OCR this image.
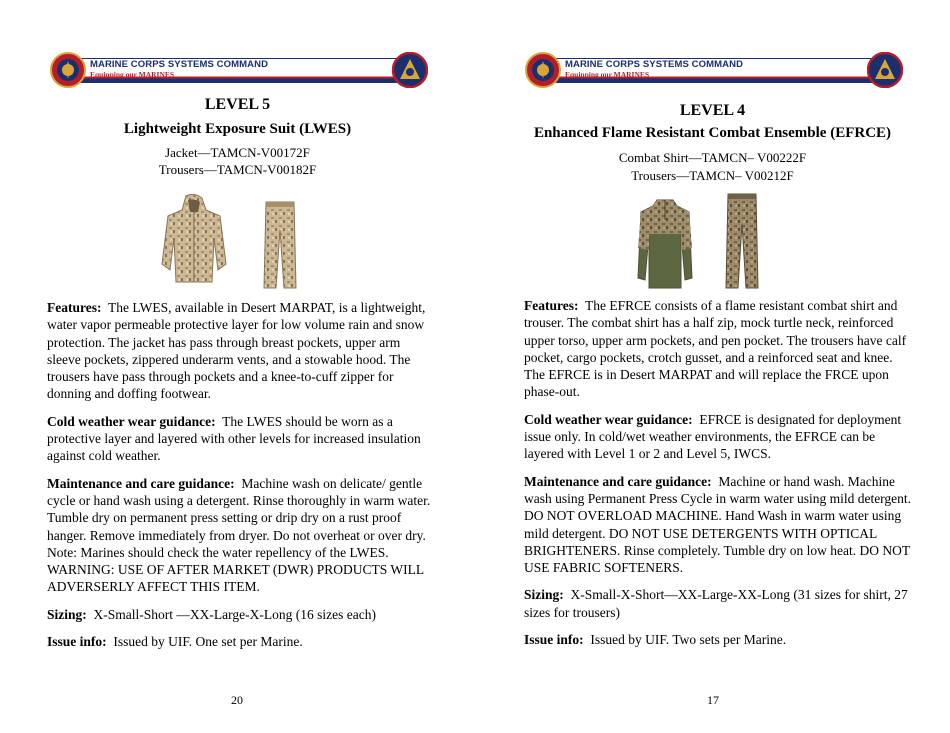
MARINE CORPS SYSTEMS COMMAND
Equipping our MARINES
LEVEL 5
Lightweight Exposure Suit (LWES)
Jacket—TAMCN-V00172F
Trousers—TAMCN-V00182F

Features: The LWES, available in Desert MARPAT, is a lightweight, water vapor permeable protective layer for low volume rain and snow protection. The jacket has pass through breast pockets, upper arm sleeve pockets, zippered underarm vents, and a stowable hood. The trousers have pass through pockets and a knee-to-cuff zipper for donning and doffing footwear.

Cold weather wear guidance: The LWES should be worn as a protective layer and layered with other levels for increased insulation against cold weather.

Maintenance and care guidance: Machine wash on delicate/ gentle cycle or hand wash using a detergent. Rinse thoroughly in warm water. Tumble dry on permanent press setting or drip dry on a rust proof hanger. Remove immediately from dryer. Do not overheat or over dry. Note: Marines should check the water repellency of the LWES. WARNING: USE OF AFTER MARKET (DWR) PRODUCTS WILL ADVERSERLY AFFECT THIS ITEM.

Sizing: X-Small-Short —XX-Large-X-Long (16 sizes each)

Issue info: Issued by UIF. One set per Marine.

20
MARINE CORPS SYSTEMS COMMAND
Equipping our MARINES
LEVEL 4
Enhanced Flame Resistant Combat Ensemble (EFRCE)
Combat Shirt—TAMCN– V00222F
Trousers—TAMCN– V00212F

Features: The EFRCE consists of a flame resistant combat shirt and trouser. The combat shirt has a half zip, mock turtle neck, reinforced upper torso, upper arm pockets, and pen pocket. The trousers have calf pocket, cargo pockets, crotch gusset, and a reinforced seat and knee. The EFRCE is in Desert MARPAT and will replace the FRCE upon phase-out.

Cold weather wear guidance: EFRCE is designated for deployment issue only. In cold/wet weather environments, the EFRCE can be layered with Level 1 or 2 and Level 5, IWCS.

Maintenance and care guidance: Machine or hand wash. Machine wash using Permanent Press Cycle in warm water using mild detergent. DO NOT OVERLOAD MACHINE. Hand Wash in warm water using mild detergent. DO NOT USE DETERGENTS WITH OPTICAL BRIGHTENERS. Rinse completely. Tumble dry on low heat. DO NOT USE FABRIC SOFTENERS.

Sizing: X-Small-X-Short—XX-Large-XX-Long (31 sizes for shirt, 27 sizes for trousers)

Issue info: Issued by UIF. Two sets per Marine.

17
